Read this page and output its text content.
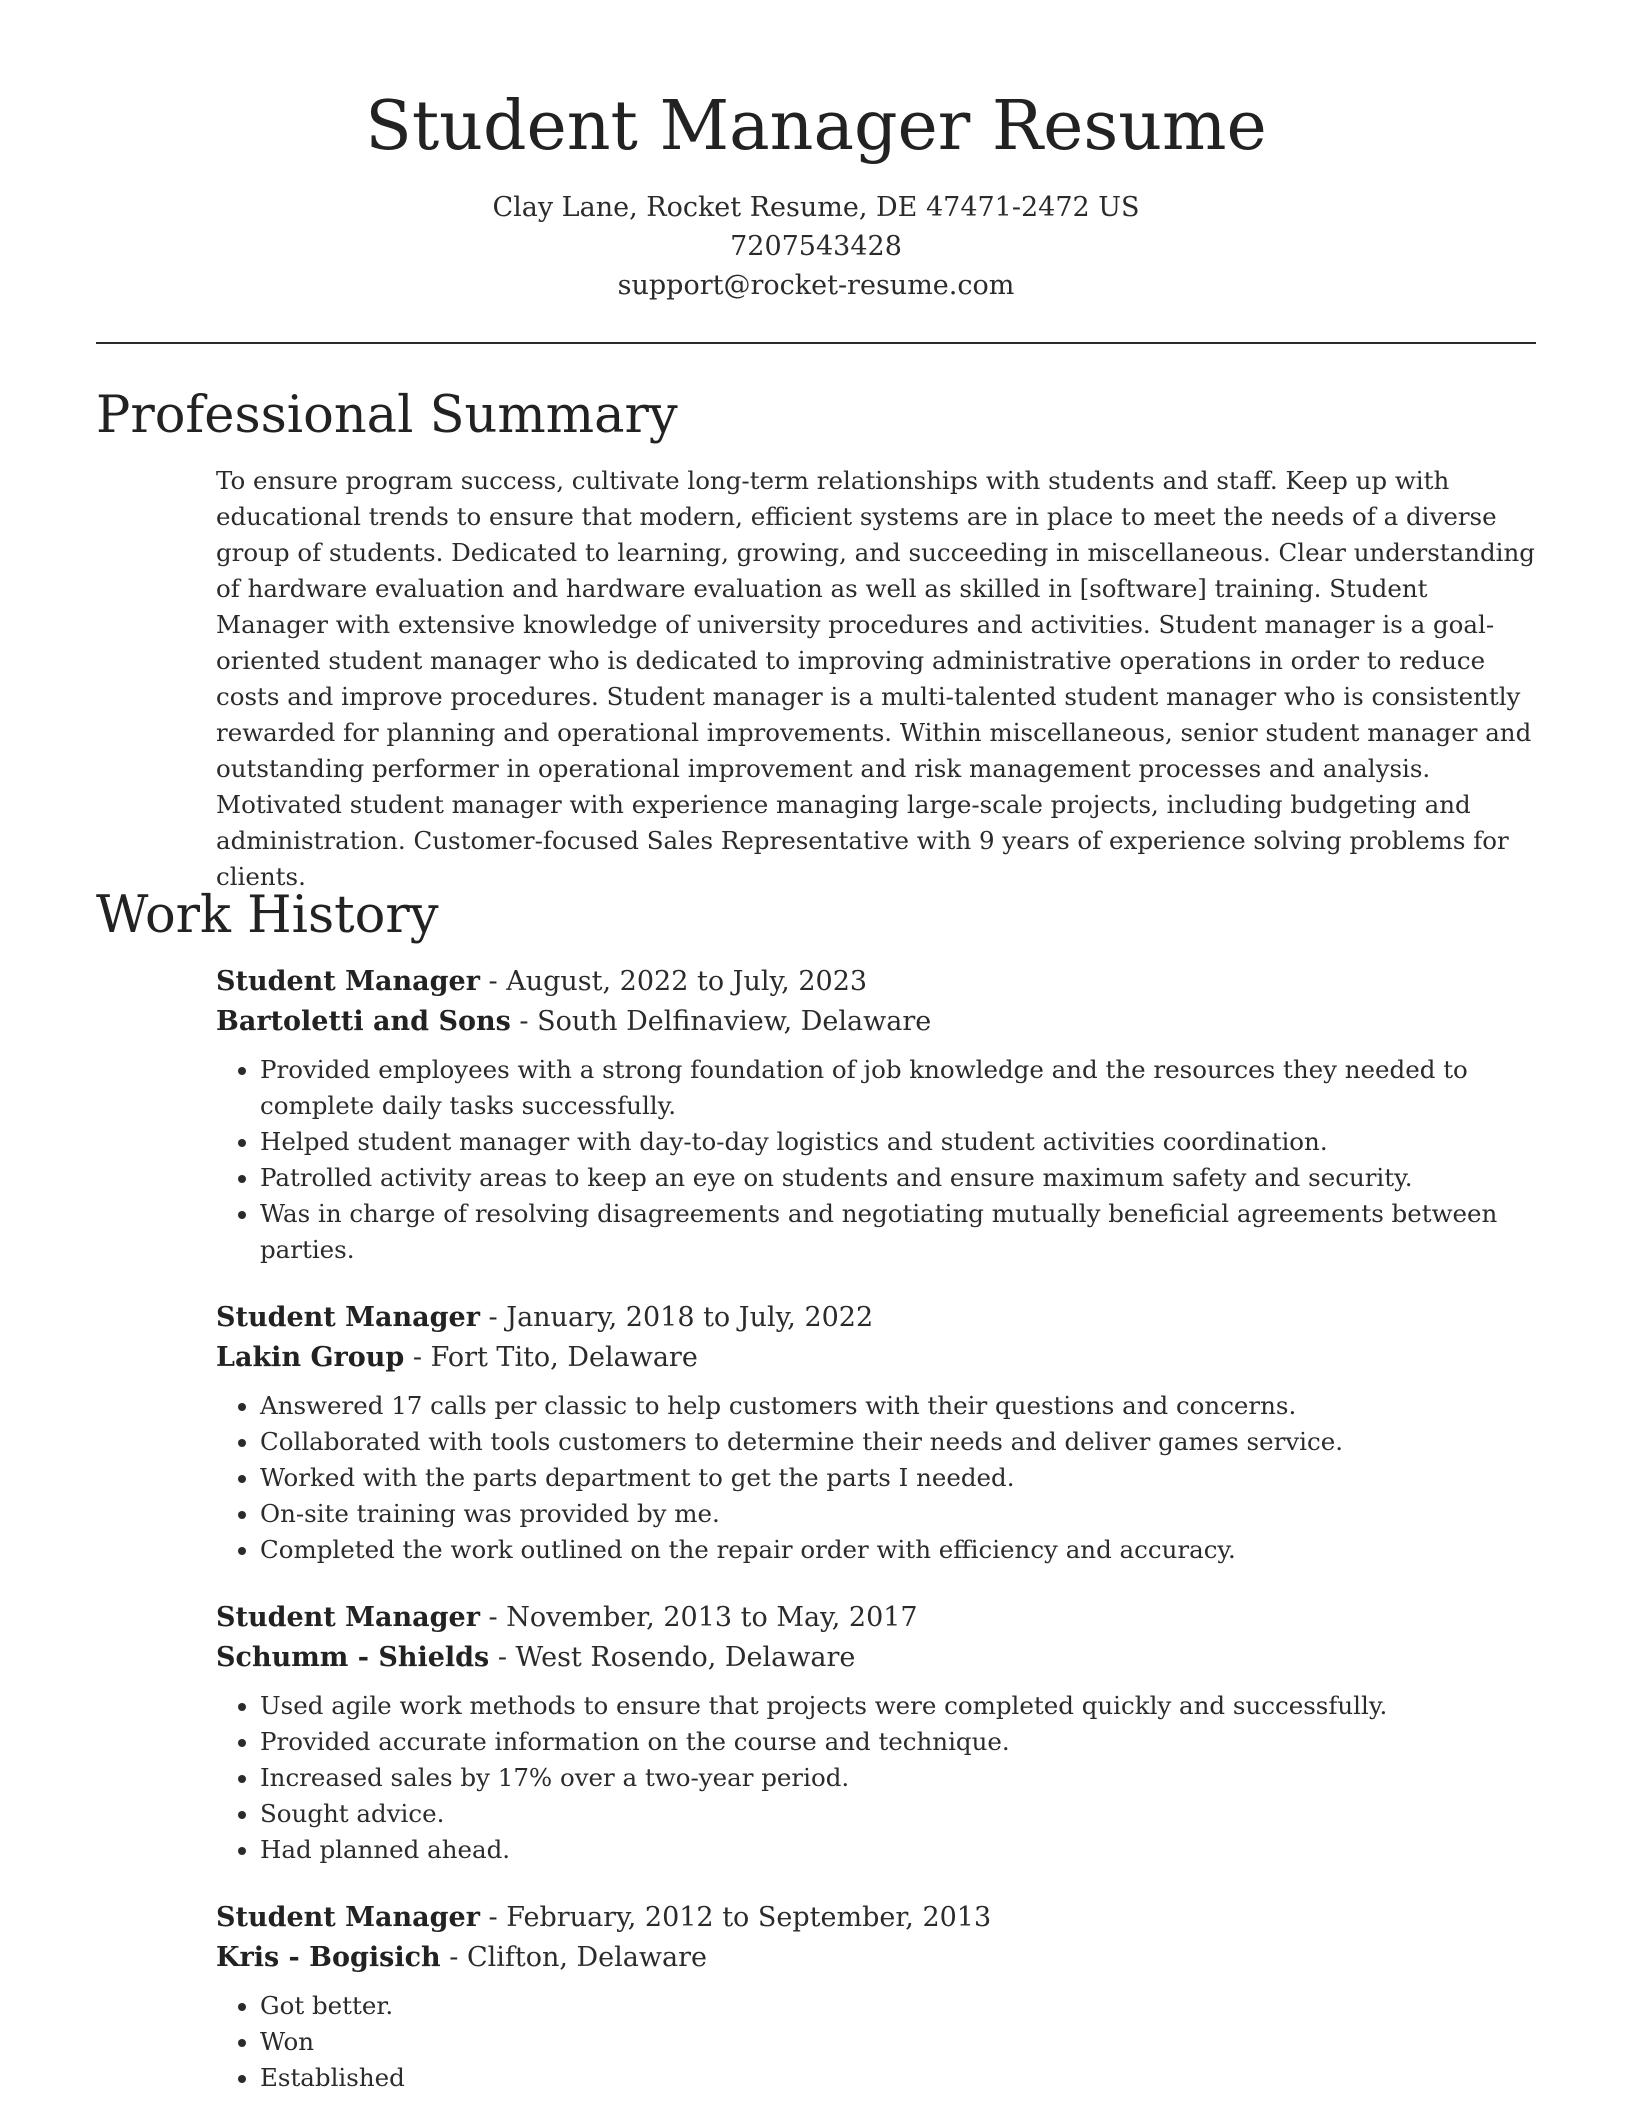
Student Manager Resume
Clay Lane, Rocket Resume, DE 47471-2472 US
7207543428
support@rocket-resume.com
Professional Summary

To ensure program success, cultivate long-term relationships with students and staff. Keep up with educational trends to ensure that modern, efficient systems are in place to meet the needs of a diverse group of students. Dedicated to learning, growing, and succeeding in miscellaneous. Clear understanding of hardware evaluation and hardware evaluation as well as skilled in [software] training. Student Manager with extensive knowledge of university procedures and activities. Student manager is a goal-oriented student manager who is dedicated to improving administrative operations in order to reduce costs and improve procedures. Student manager is a multi-talented student manager who is consistently rewarded for planning and operational improvements. Within miscellaneous, senior student manager and outstanding performer in operational improvement and risk management processes and analysis. Motivated student manager with experience managing large-scale projects, including budgeting and administration. Customer-focused Sales Representative with 9 years of experience solving problems for clients.

Work History
Student Manager - August, 2022 to July, 2023
Bartoletti and Sons - South Delfinaview, Delaware
• Provided employees with a strong foundation of job knowledge and the resources they needed to complete daily tasks successfully.
• Helped student manager with day-to-day logistics and student activities coordination.
• Patrolled activity areas to keep an eye on students and ensure maximum safety and security.
• Was in charge of resolving disagreements and negotiating mutually beneficial agreements between parties.
Student Manager - January, 2018 to July, 2022
Lakin Group - Fort Tito, Delaware
• Answered 17 calls per classic to help customers with their questions and concerns.
• Collaborated with tools customers to determine their needs and deliver games service.
• Worked with the parts department to get the parts I needed.
• On-site training was provided by me.
• Completed the work outlined on the repair order with efficiency and accuracy.
Student Manager - November, 2013 to May, 2017
Schumm - Shields - West Rosendo, Delaware
• Used agile work methods to ensure that projects were completed quickly and successfully.
• Provided accurate information on the course and technique.
• Increased sales by 17% over a two-year period.
• Sought advice.
• Had planned ahead.
Student Manager - February, 2012 to September, 2013
Kris - Bogisich - Clifton, Delaware
• Got better.
• Won
• Established
